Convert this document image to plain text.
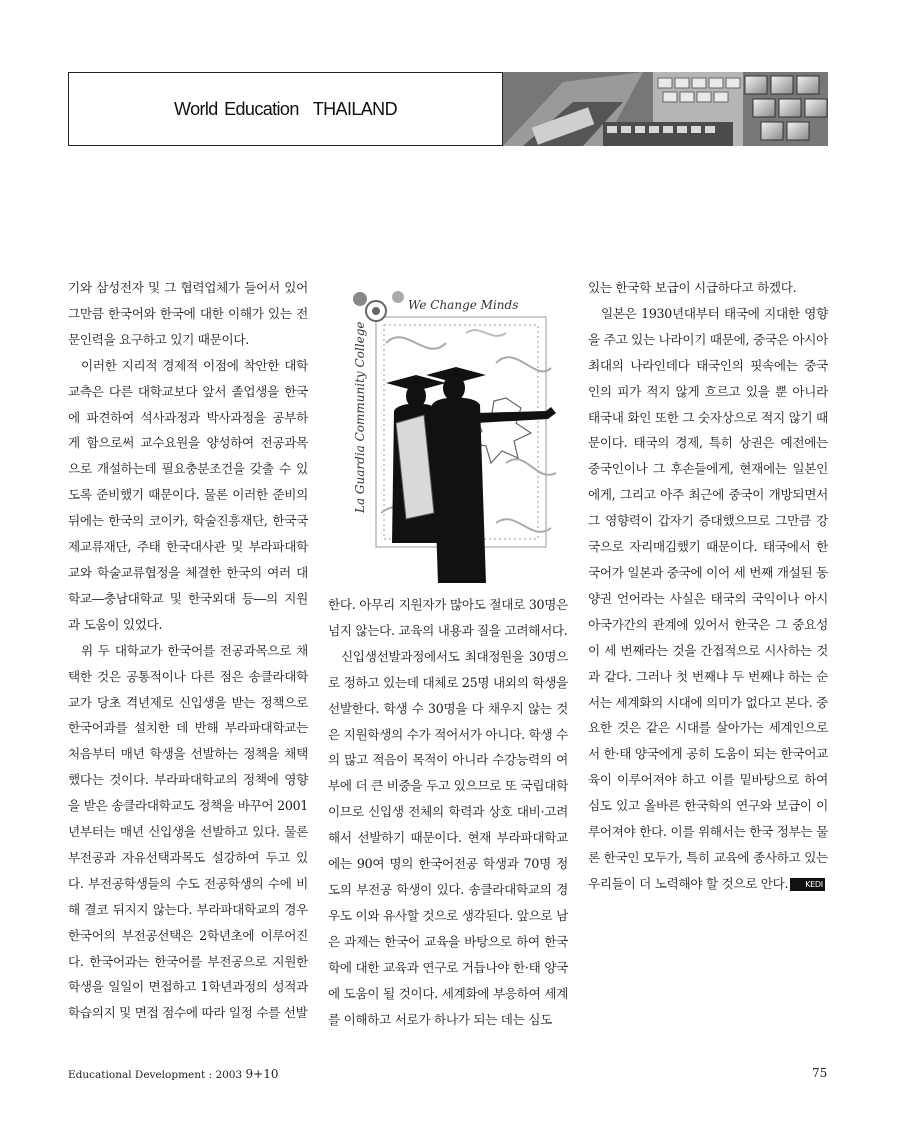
World Education THAILAND

기와 삼성전자 및 그 협력업체가 들어서 있어 그만큼 한국어와 한국에 대한 이해가 있는 전문인력을 요구하고 있기 때문이다.

이러한 지리적 경제적 이점에 착안한 대학교측은 다른 대학교보다 앞서 졸업생을 한국에 파견하여 석사과정과 박사과정을 공부하게 함으로써 교수요원을 양성하여 전공과목으로 개설하는데 필요충분조건을 갖출 수 있도록 준비했기 때문이다. 물론 이러한 준비의 뒤에는 한국의 코이카, 학술진흥재단, 한국국제교류재단, 주태 한국대사관 및 부라파대학교와 학술교류협정을 체결한 한국의 여러 대학교―충남대학교 및 한국외대 등―의 지원과 도움이 있었다.

위 두 대학교가 한국어를 전공과목으로 채택한 것은 공통적이나 다른 점은 송클라대학교가 당초 격년제로 신입생을 받는 정책으로 한국어과를 설치한 데 반해 부라파대학교는 처음부터 매년 학생을 선발하는 정책을 채택했다는 것이다. 부라파대학교의 정책에 영향을 받은 송클라대학교도 정책을 바꾸어 2001년부터는 매년 신입생을 선발하고 있다. 물론 부전공과 자유선택과목도 설강하여 두고 있다. 부전공학생들의 수도 전공학생의 수에 비해 결코 뒤지지 않는다. 부라파대학교의 경우 한국어의 부전공선택은 2학년초에 이루어진다. 한국어과는 한국어를 부전공으로 지원한 학생을 일일이 면접하고 1학년과정의 성적과 학습의지 및 면접 점수에 따라 일정 수를 선발

We Change Minds
La Guardia Community College

한다. 아무리 지원자가 많아도 절대로 30명은 넘지 않는다. 교육의 내용과 질을 고려해서다.

신입생선발과정에서도 최대정원을 30명으로 정하고 있는데 대체로 25명 내외의 학생을 선발한다. 학생 수 30명을 다 채우지 않는 것은 지원학생의 수가 적어서가 아니다. 학생 수의 많고 적음이 목적이 아니라 수강능력의 여부에 더 큰 비중을 두고 있으므로 또 국립대학이므로 신입생 전체의 학력과 상호 대비·고려해서 선발하기 때문이다. 현재 부라파대학교에는 90여 명의 한국어전공 학생과 70명 정도의 부전공 학생이 있다. 송클라대학교의 경우도 이와 유사할 것으로 생각된다. 앞으로 남은 과제는 한국어 교육을 바탕으로 하여 한국학에 대한 교육과 연구로 거듭나야 한·태 양국에 도움이 될 것이다. 세계화에 부응하여 세계를 이해하고 서로가 하나가 되는 데는 심도

있는 한국학 보급이 시급하다고 하겠다.

일본은 1930년대부터 태국에 지대한 영향을 주고 있는 나라이기 때문에, 중국은 아시아 최대의 나라인데다 태국인의 핏속에는 중국인의 피가 적지 않게 흐르고 있을 뿐 아니라 태국내 화인 또한 그 숫자상으로 적지 않기 때문이다. 태국의 경제, 특히 상권은 예전에는 중국인이나 그 후손들에게, 현재에는 일본인에게, 그리고 아주 최근에 중국이 개방되면서 그 영향력이 갑자기 증대했으므로 그만큼 강국으로 자리매김했기 때문이다. 태국에서 한국어가 일본과 중국에 이어 세 번째 개설된 동양권 언어라는 사실은 태국의 국익이나 아시아국가간의 관계에 있어서 한국은 그 중요성이 세 번째라는 것을 간접적으로 시사하는 것과 같다. 그러나 첫 번째냐 두 번째냐 하는 순서는 세계화의 시대에 의미가 없다고 본다. 중요한 것은 같은 시대를 살아가는 세계인으로서 한·태 양국에게 공히 도움이 되는 한국어교육이 이루어져야 하고 이를 밑바탕으로 하여 심도 있고 올바른 한국학의 연구와 보급이 이루어져야 한다. 이를 위해서는 한국 정부는 물론 한국인 모두가, 특히 교육에 종사하고 있는 우리들이 더 노력해야 할 것으로 안다. KEDI

Educational Development : 2003 9+10	75
